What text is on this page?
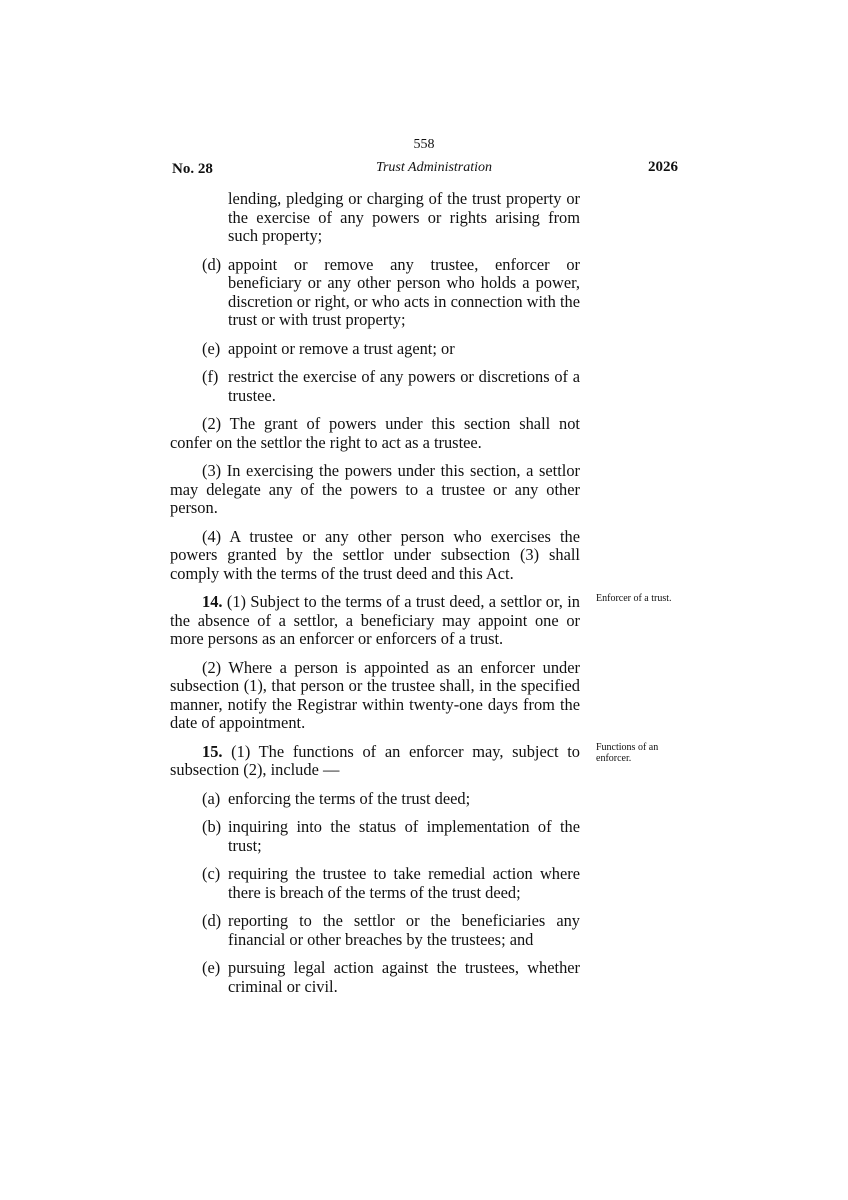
558
No. 28	Trust Administration	2026

lending, pledging or charging of the trust property or the exercise of any powers or rights arising from such property;

(d) appoint or remove any trustee, enforcer or beneficiary or any other person who holds a power, discretion or right, or who acts in connection with the trust or with trust property;

(e) appoint or remove a trust agent; or

(f) restrict the exercise of any powers or discretions of a trustee.

(2) The grant of powers under this section shall not confer on the settlor the right to act as a trustee.

(3) In exercising the powers under this section, a settlor may delegate any of the powers to a trustee or any other person.

(4) A trustee or any other person who exercises the powers granted by the settlor under subsection (3) shall comply with the terms of the trust deed and this Act.

14. (1) Subject to the terms of a trust deed, a settlor or, in the absence of a settlor, a beneficiary may appoint one or more persons as an enforcer or enforcers of a trust.

(2) Where a person is appointed as an enforcer under subsection (1), that person or the trustee shall, in the specified manner, notify the Registrar within twenty-one days from the date of appointment.

15. (1) The functions of an enforcer may, subject to subsection (2), include —

(a) enforcing the terms of the trust deed;

(b) inquiring into the status of implementation of the trust;

(c) requiring the trustee to take remedial action where there is breach of the terms of the trust deed;

(d) reporting to the settlor or the beneficiaries any financial or other breaches by the trustees; and

(e) pursuing legal action against the trustees, whether criminal or civil.

Enforcer of a trust.
Functions of an enforcer.
